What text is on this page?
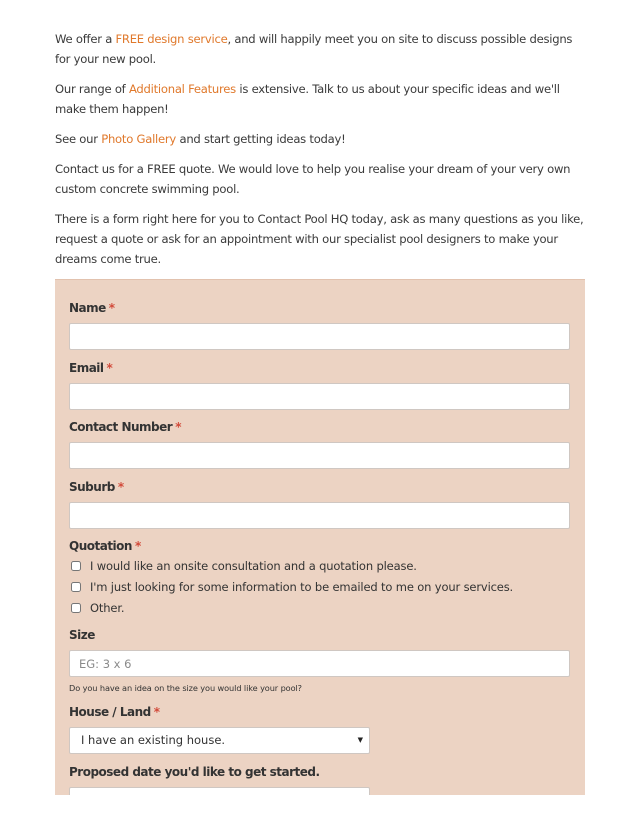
We offer a FREE design service, and will happily meet you on site to discuss possible designs for your new pool.

Our range of Additional Features is extensive. Talk to us about your specific ideas and we'll make them happen!

See our Photo Gallery and start getting ideas today!

Contact us for a FREE quote. We would love to help you realise your dream of your very own custom concrete swimming pool.

There is a form right here for you to Contact Pool HQ today, ask as many questions as you like, request a quote or ask for an appointment with our specialist pool designers to make your dreams come true.

Name *
Email *
Contact Number *
Suburb *
Quotation *
I would like an onsite consultation and a quotation please.
I'm just looking for some information to be emailed to me on your services.
Other.
Size
EG: 3 x 6
Do you have an idea on the size you would like your pool?
House / Land *
I have an existing house.	▼
Proposed date you'd like to get started.
EG: 07/02/2018
